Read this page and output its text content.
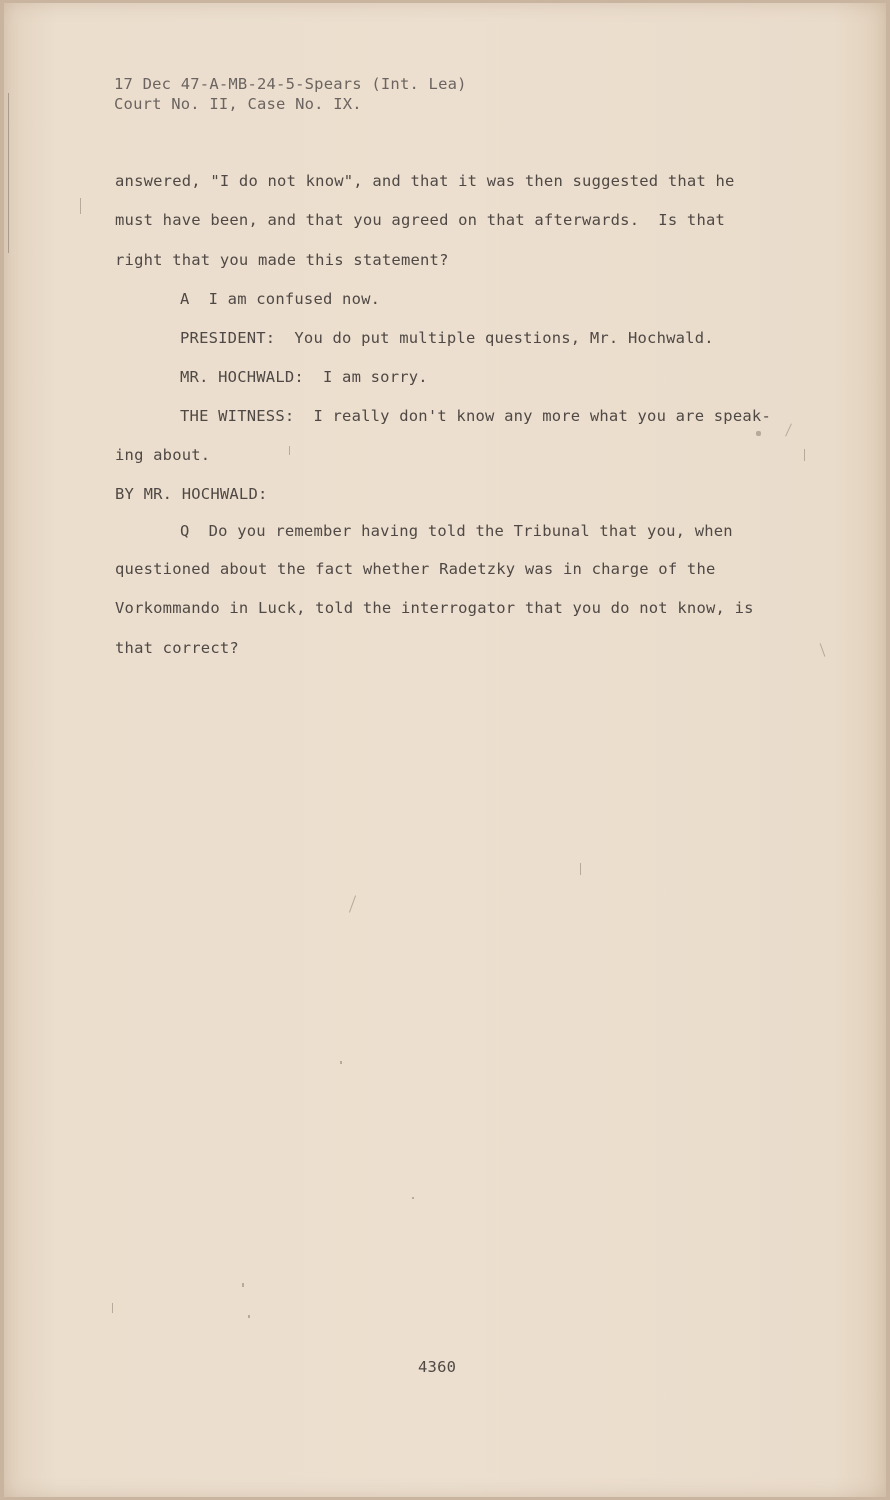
17 Dec 47-A-MB-24-5-Spears (Int. Lea)
Court No. II, Case No. IX.
answered, "I do not know", and that it was then suggested that he
must have been, and that you agreed on that afterwards.  Is that
right that you made this statement?
A  I am confused now.
PRESIDENT:  You do put multiple questions, Mr. Hochwald.
MR. HOCHWALD:  I am sorry.
THE WITNESS:  I really don't know any more what you are speak-
ing about.
BY MR. HOCHWALD:
Q  Do you remember having told the Tribunal that you, when
questioned about the fact whether Radetzky was in charge of the
Vorkommando in Luck, told the interrogator that you do not know, is
that correct?
4360
